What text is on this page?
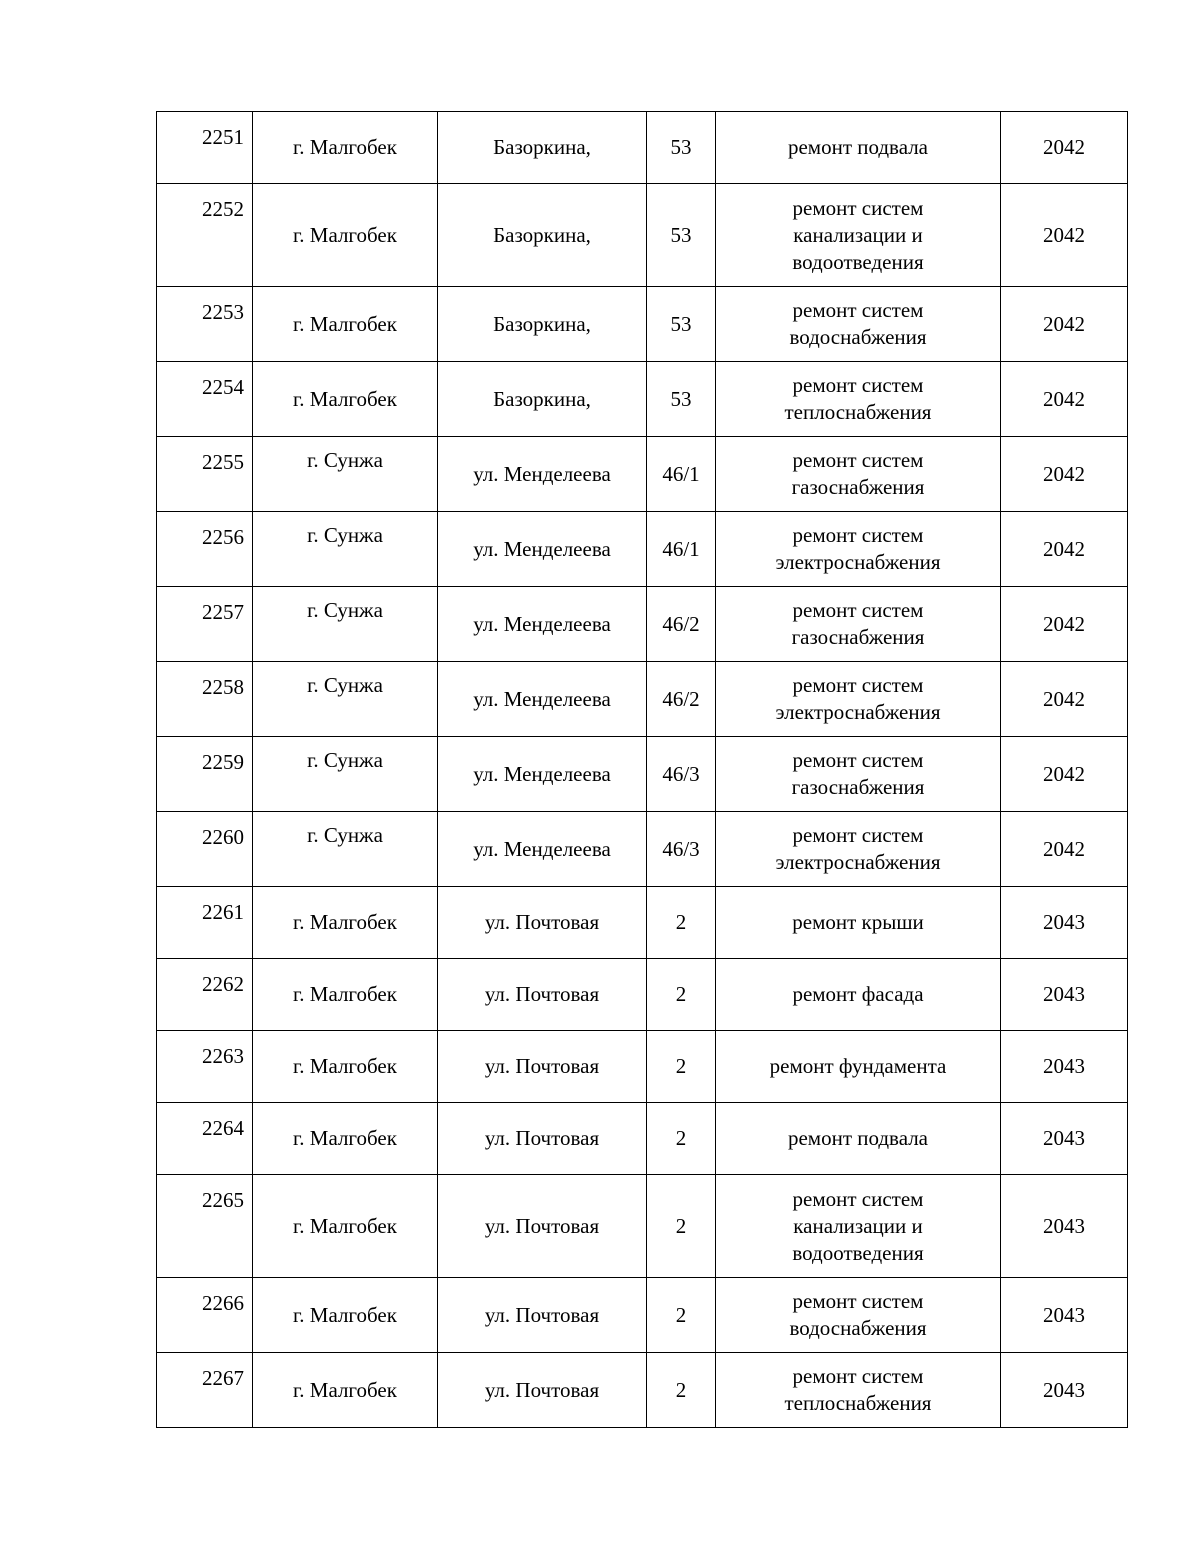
2251	г. Малгобек	Базоркина,	53	ремонт подвала	2042
2252	г. Малгобек	Базоркина,	53	ремонт систем
канализации и
водоотведения	2042
2253	г. Малгобек	Базоркина,	53	ремонт систем
водоснабжения	2042
2254	г. Малгобек	Базоркина,	53	ремонт систем
теплоснабжения	2042
2255	г. Сунжа	ул. Менделеева	46/1	ремонт систем
газоснабжения	2042
2256	г. Сунжа	ул. Менделеева	46/1	ремонт систем
электроснабжения	2042
2257	г. Сунжа	ул. Менделеева	46/2	ремонт систем
газоснабжения	2042
2258	г. Сунжа	ул. Менделеева	46/2	ремонт систем
электроснабжения	2042
2259	г. Сунжа	ул. Менделеева	46/3	ремонт систем
газоснабжения	2042
2260	г. Сунжа	ул. Менделеева	46/3	ремонт систем
электроснабжения	2042
2261	г. Малгобек	ул. Почтовая	2	ремонт крыши	2043
2262	г. Малгобек	ул. Почтовая	2	ремонт фасада	2043
2263	г. Малгобек	ул. Почтовая	2	ремонт фундамента	2043
2264	г. Малгобек	ул. Почтовая	2	ремонт подвала	2043
2265	г. Малгобек	ул. Почтовая	2	ремонт систем
канализации и
водоотведения	2043
2266	г. Малгобек	ул. Почтовая	2	ремонт систем
водоснабжения	2043
2267	г. Малгобек	ул. Почтовая	2	ремонт систем
теплоснабжения	2043
